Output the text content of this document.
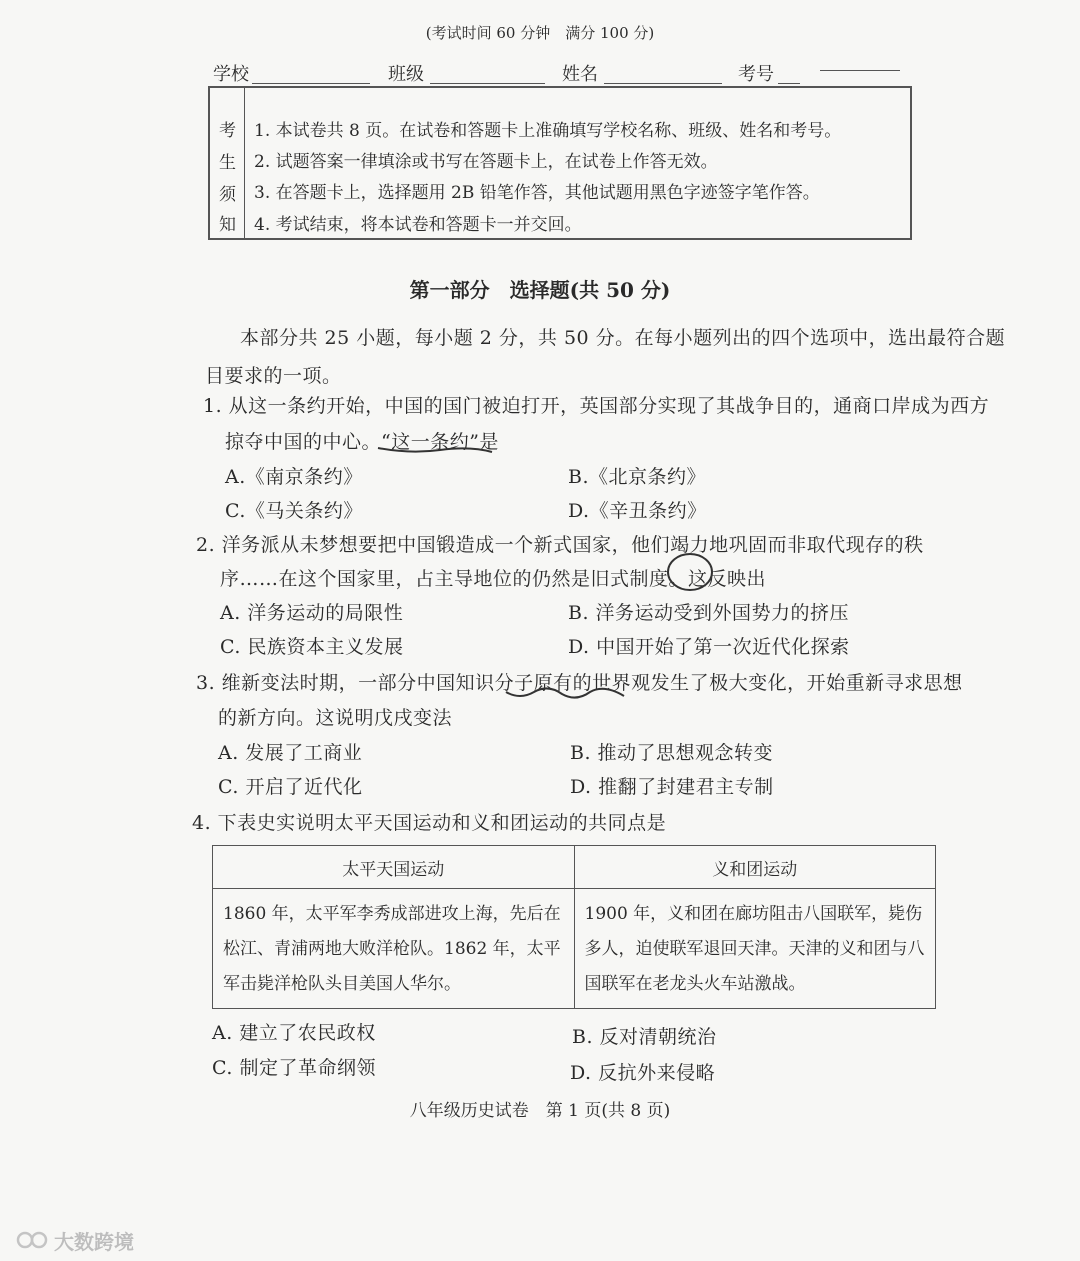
(考试时间 60 分钟　满分 100 分)
学校	班级	姓名	考号
考
生
须
知
1. 本试卷共 8 页。在试卷和答题卡上准确填写学校名称、班级、姓名和考号。
2. 试题答案一律填涂或书写在答题卡上，在试卷上作答无效。
3. 在答题卡上，选择题用 2B 铅笔作答，其他试题用黑色字迹签字笔作答。
4. 考试结束，将本试卷和答题卡一并交回。
第一部分　选择题(共 50 分)
本部分共 25 小题，每小题 2 分，共 50 分。在每小题列出的四个选项中，选出最符合题
目要求的一项。
1. 从这一条约开始，中国的国门被迫打开，英国部分实现了其战争目的，通商口岸成为西方
掠夺中国的中心。“这一条约”是
A.《南京条约》	B.《北京条约》
C.《马关条约》	D.《辛丑条约》
2. 洋务派从未梦想要把中国锻造成一个新式国家，他们竭力地巩固而非取代现存的秩
序……在这个国家里，占主导地位的仍然是旧式制度。这反映出
A. 洋务运动的局限性	B. 洋务运动受到外国势力的挤压
C. 民族资本主义发展	D. 中国开始了第一次近代化探索
3. 维新变法时期，一部分中国知识分子原有的世界观发生了极大变化，开始重新寻求思想
的新方向。这说明戊戌变法
A. 发展了工商业	B. 推动了思想观念转变
C. 开启了近代化	D. 推翻了封建君主专制
4. 下表史实说明太平天国运动和义和团运动的共同点是
太平天国运动	义和团运动
1860 年，太平军李秀成部进攻上海，先后在松江、青浦两地大败洋枪队。1862 年，太平军击毙洋枪队头目美国人华尔。	1900 年，义和团在廊坊阻击八国联军，毙伤多人，迫使联军退回天津。天津的义和团与八国联军在老龙头火车站激战。
A. 建立了农民政权	B. 反对清朝统治
C. 制定了革命纲领	D. 反抗外来侵略
八年级历史试卷　第 1 页(共 8 页)
大数跨境
